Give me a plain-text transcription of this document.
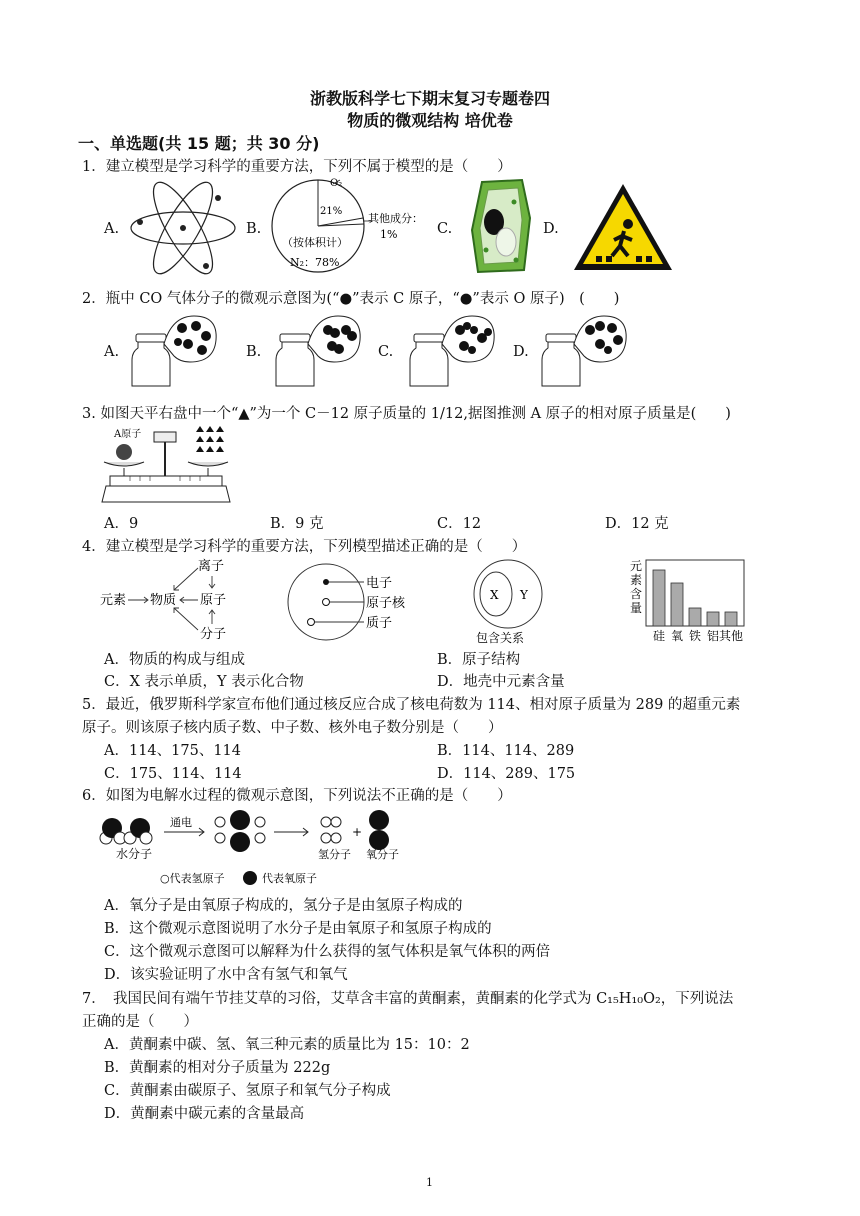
浙教版科学七下期末复习专题卷四
物质的微观结构 培优卷
一、单选题(共 15 题；共 30 分)
1．建立模型是学习科学的重要方法，下列不属于模型的是（　　）
A.	B.	C.	D.
O₂
21%
其他成分：
1%
（按体积计）
N₂：78%
2．瓶中 CO 气体分子的微观示意图为(“●”表示 C 原子，“●”表示 O 原子)　(　　)
A.	B.	C.	D.
3. 如图天平右盘中一个“▲”为一个 C－12 原子质量的 1/12,据图推测 A 原子的相对原子质量是(　　)
A原子
A．9	B．9 克	C．12	D．12 克
4．建立模型是学习科学的重要方法，下列模型描述正确的是（　　）
离子
元素 物质 原子
分子
电子
原子核
质子
X Y
包含关系
元
素
含
量
硅 氧 铁 铝 其他
A．物质的构成与组成	B．原子结构
C．X 表示单质，Y 表示化合物	D．地壳中元素含量
5．最近，俄罗斯科学家宣布他们通过核反应合成了核电荷数为 114、相对原子质量为 289 的超重元素
原子。则该原子核内质子数、中子数、核外电子数分别是（　　）
A．114、175、114	B．114、114、289
C．175、114、114	D．114、289、175
6．如图为电解水过程的微观示意图，下列说法不正确的是（　　）
水分子
通电
氢分子
+
氧分子
○代表氢原子	代表氧原子
A．氧分子是由氧原子构成的，氢分子是由氢原子构成的
B．这个微观示意图说明了水分子是由氧原子和氢原子构成的
C．这个微观示意图可以解释为什么获得的氢气体积是氧气体积的两倍
D．该实验证明了水中含有氢气和氧气
7．　我国民间有端午节挂艾草的习俗，艾草含丰富的黄酮素，黄酮素的化学式为 C₁₅H₁₀O₂，下列说法
正确的是（　　）
A．黄酮素中碳、氢、氧三种元素的质量比为 15：10：2
B．黄酮素的相对分子质量为 222g
C．黄酮素由碳原子、氢原子和氧气分子构成
D．黄酮素中碳元素的含量最高
1
